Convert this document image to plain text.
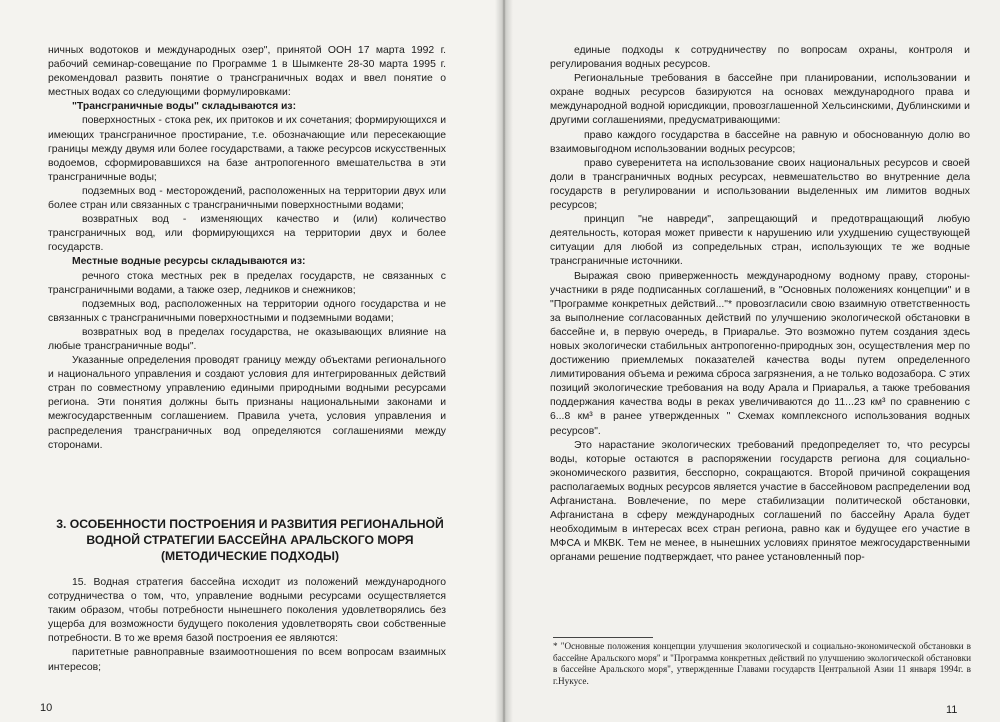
ничных водотоков и международных озер", принятой ООН 17 марта 1992 г. рабочий семинар-совещание по Программе 1 в Шымкенте 28-30 марта 1995 г. рекомендовал развить понятие о трансграничных водах и ввел понятие о местных водах со следующими формулировками:

"Трансграничные воды" складываются из:

поверхностных - стока рек, их притоков и их сочетания; формирующихся и имеющих трансграничное простирание, т.е. обозначающие или пересекающие границы между двумя или более государствами, а также ресурсов искусственных водоемов, сформировавшихся на базе антропогенного вмешательства в эти трансграничные воды;

подземных вод - месторождений, расположенных на территории двух или более стран или связанных с трансграничными поверхностными водами;

возвратных вод - изменяющих качество и (или) количество трансграничных вод, или формирующихся на территории двух и более государств.

Местные водные ресурсы складываются из:

речного стока местных рек в пределах государств, не связанных с трансграничными водами, а также озер, ледников и снежников;

подземных вод, расположенных на территории одного государства и не связанных с трансграничными поверхностными и подземными водами;

возвратных вод в пределах государства, не оказывающих влияние на любые трансграничные воды".

Указанные определения проводят границу между объектами регионального и национального управления и создают условия для интегрированных действий стран по совместному управлению едиными природными водными ресурсами региона. Эти понятия должны быть признаны национальными законами и межгосударственным соглашением. Правила учета, условия управления и распределения трансграничных вод определяются соглашениями между сторонами.

3. ОСОБЕННОСТИ ПОСТРОЕНИЯ И РАЗВИТИЯ РЕГИОНАЛЬНОЙ ВОДНОЙ СТРАТЕГИИ БАССЕЙНА АРАЛЬСКОГО МОРЯ (МЕТОДИЧЕСКИЕ ПОДХОДЫ)

15. Водная стратегия бассейна исходит из положений международного сотрудничества о том, что, управление водными ресурсами осуществляется таким образом, чтобы потребности нынешнего поколения удовлетворялись без ущерба для возможности будущего поколения удовлетворять свои собственные потребности. В то же время базой построения ее являются:

паритетные равноправные взаимоотношения по всем вопросам взаимных интересов;

10

единые подходы к сотрудничеству по вопросам охраны, контроля и регулирования водных ресурсов.

Региональные требования в бассейне при планировании, использовании и охране водных ресурсов базируются на основах международного права и международной водной юрисдикции, провозглашенной Хельсинскими, Дублинскими и другими соглашениями, предусматривающими:

право каждого государства в бассейне на равную и обоснованную долю во взаимовыгодном использовании водных ресурсов;

право суверенитета на использование своих национальных ресурсов и своей доли в трансграничных водных ресурсах, невмешательство во внутренние дела государств в регулировании и использовании выделенных им лимитов водных ресурсов;

принцип "не навреди", запрещающий и предотвращающий любую деятельность, которая может привести к нарушению или ухудшению существующей ситуации для любой из сопредельных стран, использующих те же водные трансграничные источники.

Выражая свою приверженность международному водному праву, стороны-участники в ряде подписанных соглашений, в "Основных положениях концепции" и в "Программе конкретных действий..."* провозгласили свою взаимную ответственность за выполнение согласованных действий по улучшению экологической обстановки в бассейне и, в первую очередь, в Приаралье. Это возможно путем создания здесь новых экологически стабильных антропогенно-природных зон, осуществления мер по достижению приемлемых показателей качества воды путем определенного лимитирования объема и режима сброса загрязнения, а не только водозабора. С этих позиций экологические требования на воду Арала и Приаралья, а также требования поддержания качества воды в реках увеличиваются до 11...23 км³ по сравнению с 6...8 км³ в ранее утвержденных " Схемах комплексного использования водных ресурсов".

Это нарастание экологических требований предопределяет то, что ресурсы воды, которые остаются в распоряжении государств региона для социально-экономического развития, бесспорно, сокращаются. Второй причиной сокращения располагаемых водных ресурсов является участие в бассейновом распределении вод Афганистана. Вовлечение, по мере стабилизации политической обстановки, Афганистана в сферу международных соглашений по бассейну Арала будет необходимым в интересах всех стран региона, равно как и будущее его участие в МФСА и МКВК. Тем не менее, в нынешних условиях принятое межгосударственными органами решение подтверждает, что ранее установленный пор-

* "Основные положения концепции улучшения экологической и социально-экономической обстановки в бассейне Аральского моря" и "Программа конкретных действий по улучшению экологической обстановки в бассейне Аральского моря", утвержденные Главами государств Центральной Азии 11 января 1994г. в г.Нукусе.
11
